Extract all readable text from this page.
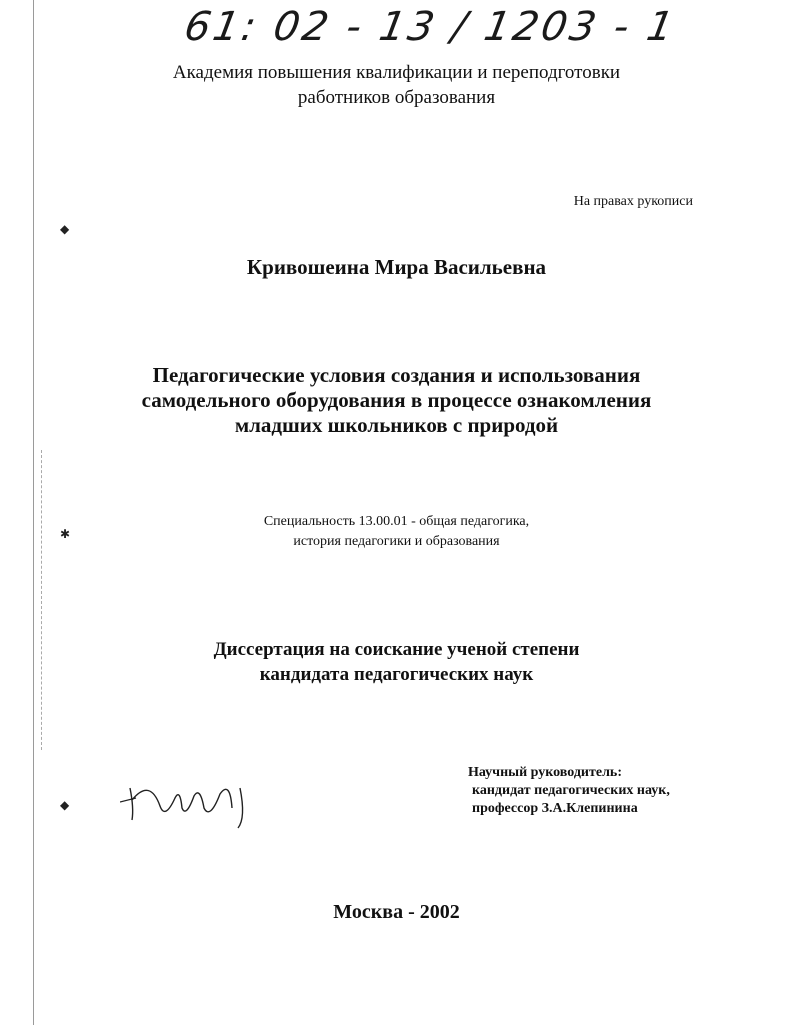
◆
✱
◆
61: 02 - 13 / 1203 - 1
Академия повышения квалификации и переподготовки
работников образования
На правах рукописи
Кривошеина Мира Васильевна
Педагогические условия создания и использования
самодельного оборудования в процессе ознакомления
младших школьников с природой
Специальность 13.00.01 - общая педагогика,
история педагогики и образования
Диссертация на соискание ученой степени
кандидата педагогических наук
Научный руководитель:
кандидат педагогических наук,
профессор З.А.Клепинина
Москва - 2002
